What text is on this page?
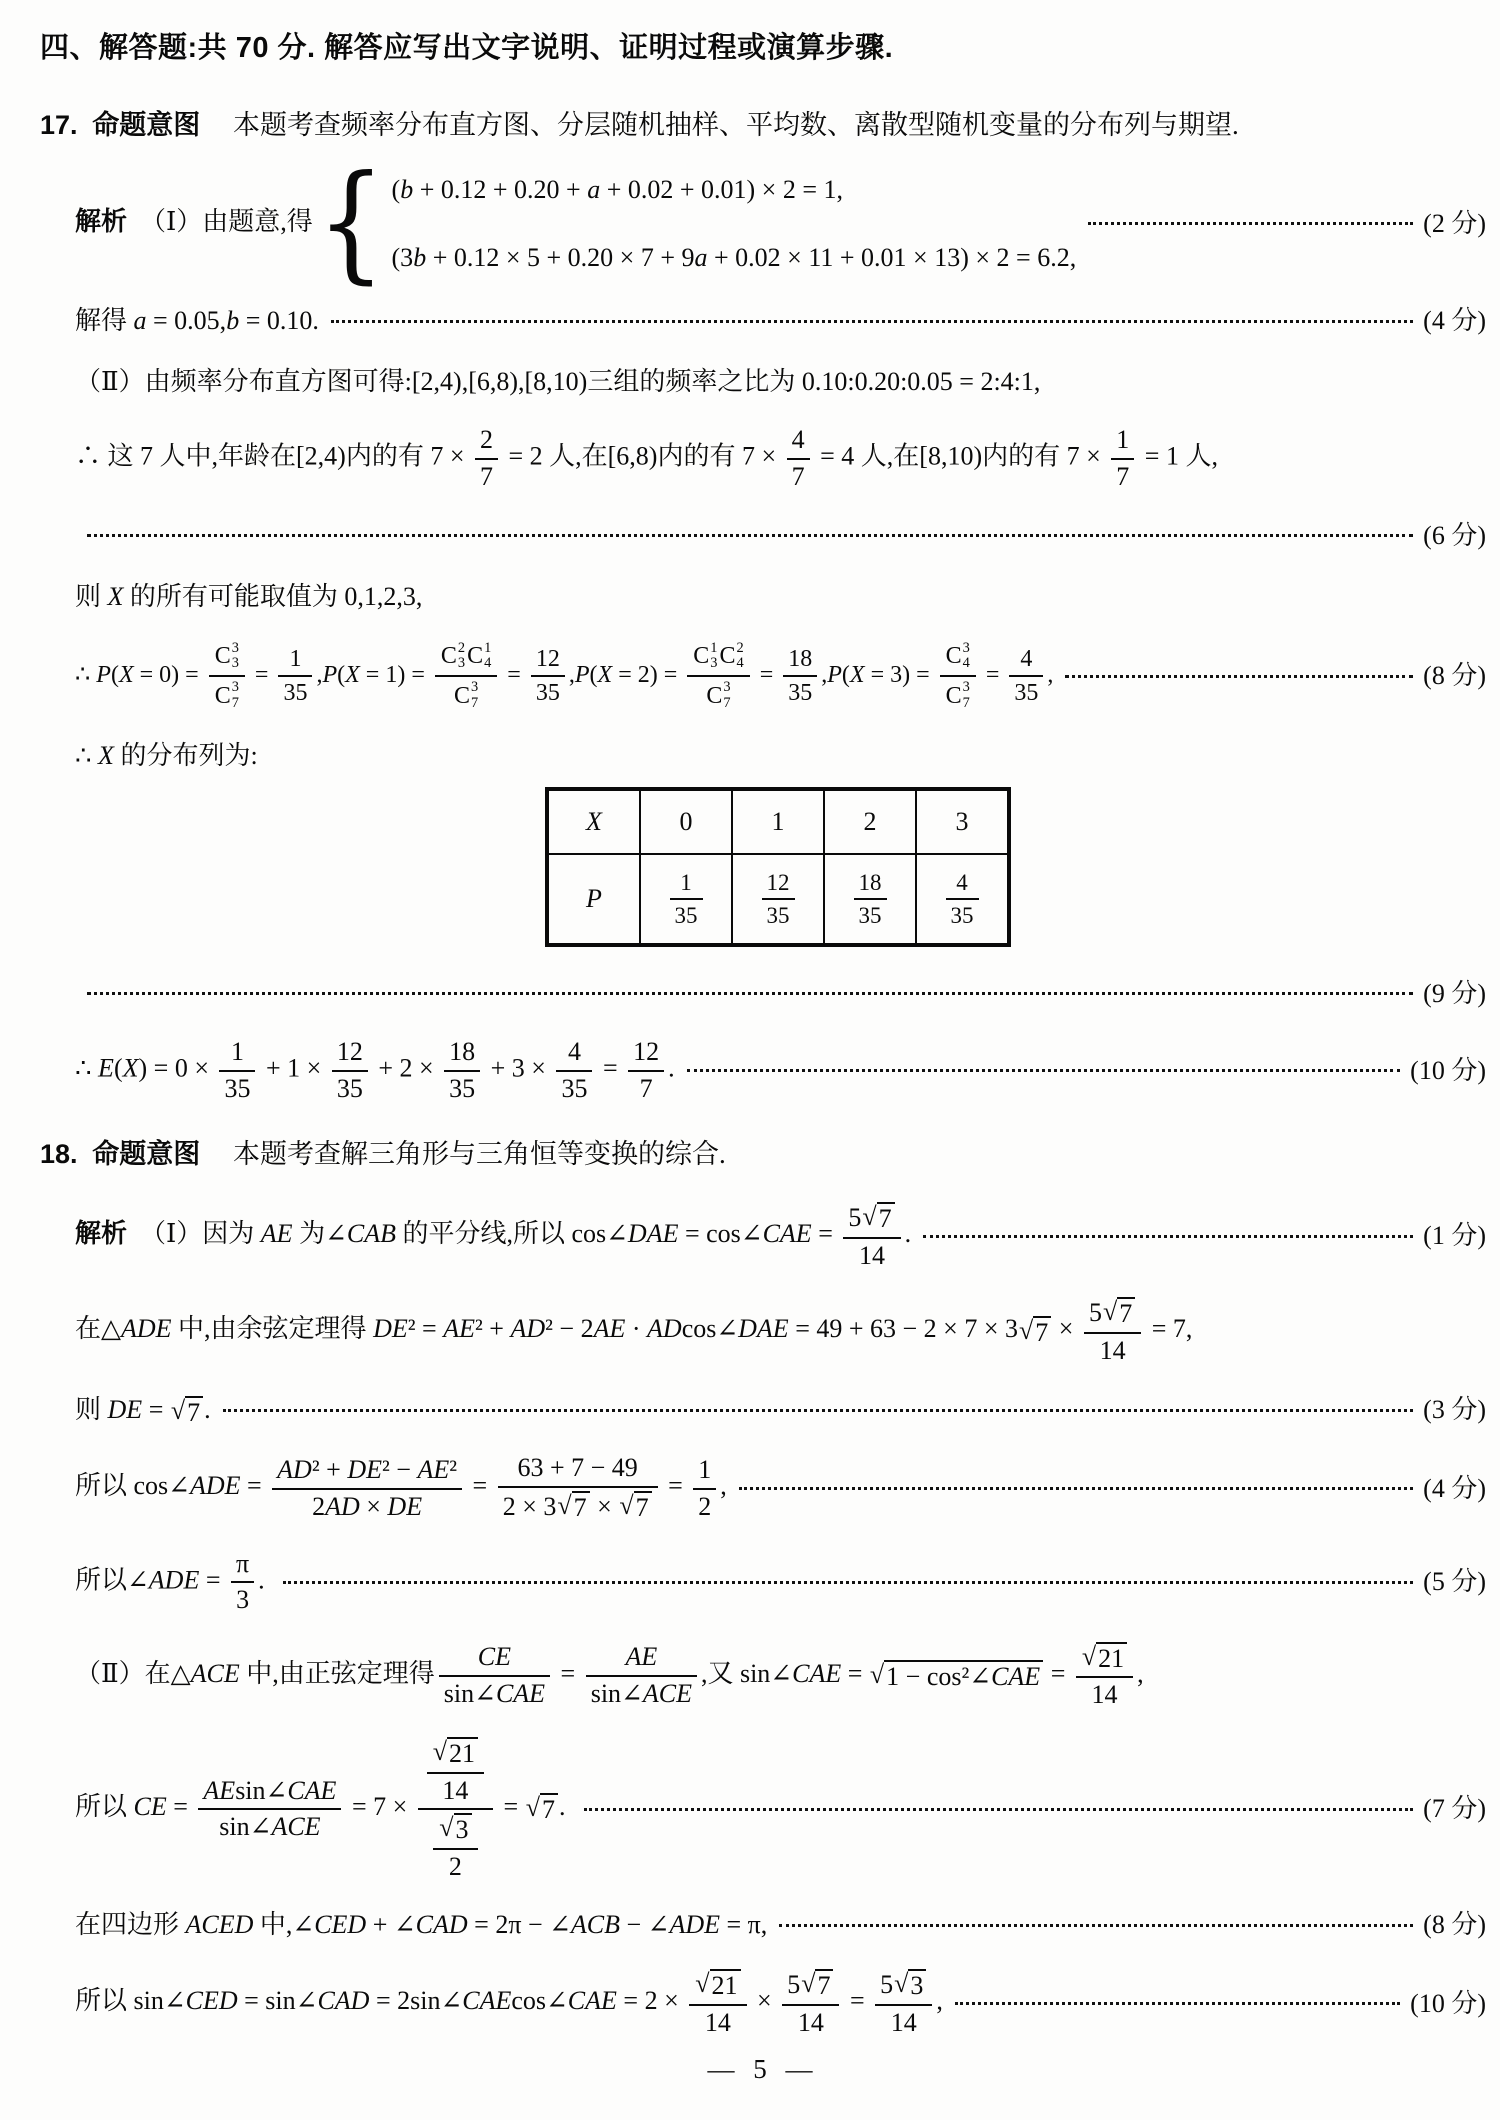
四、解答题:共 70 分. 解答应写出文字说明、证明过程或演算步骤.
17. 命题意图 本题考查频率分布直方图、分层随机抽样、平均数、离散型随机变量的分布列与期望.
解析　（Ⅰ）由题意,得 { (b + 0.12 + 0.20 + a + 0.02 + 0.01) × 2 = 1,
(3b + 0.12 × 5 + 0.20 × 7 + 9a + 0.02 × 11 + 0.01 × 13) × 2 = 6.2,
(2 分)
解得 a = 0.05,b = 0.10.	(4 分)
（Ⅱ）由频率分布直方图可得:[2,4),[6,8),[8,10)三组的频率之比为 0.10:0.20:0.05 = 2:4:1,
∴ 这 7 人中,年龄在[2,4)内的有 $7 \times \frac{2}{7} = 2$ 人,在[6,8)内的有 $7 \times \frac{4}{7} = 4$ 人,在[8,10)内的有 $7 \times \frac{1}{7} = 1$ 人,
(6 分)
则 X 的所有可能取值为 0,1,2,3,
∴ P(X = 0) = C 3
3
C 3
$7 = \frac{1}{35} ,P(X = 1) = C$ 2
3 C 1
4
C 3
$7 = \frac{12}{35} ,P(X = 2) = C$ 1
3 C 2
4
C 3
$7 = \frac{18}{35} ,P(X = 3) = C$ 3
4
C 3
$7 = \frac{4}{35}$ ,	(8 分)
∴ X 的分布列为:
X	0	1	2	3
P	$\frac{1}{35}$	$\frac{12}{35}$	$\frac{18}{35}$	$\frac{4}{35}$
(9 分)
∴ $E(X) = 0 \times \frac{1}{35} + 1 \times \frac{12}{35} + 2 \times \frac{18}{35} + 3 \times \frac{4}{35} = \frac{12}{7}$ .	(10 分)
18. 命题意图 本题考查解三角形与三角恒等变换的综合.
解析　（Ⅰ）因为 AE 为∠CAB 的平分线,所以 cos∠DAE = cos∠CAE = $\frac{5 √ 7}{14}$ .	(1 分)
在△ADE 中,由余弦定理得 DE² = AE² + AD² − 2AE · ADcos∠DAE = 49 + 63 − 2 × 7 × 3 √ $7 \times \frac{5 √ 7}{14} = 7$,
则 DE = √ 7 .	(3 分)
所以 cos∠ADE = $\frac{\text{AD ² + DE ² − AE ²}}{2 AD \times DE} = \frac{63 + 7 - 49}{2 \times 3 √ 7 \times √ 7} = \frac{1}{2}$ ,	(4 分)
所以∠ADE = $\frac{\pi}{3}$ .	(5 分)
（Ⅱ）在△ACE 中,由正弦定理得 $\frac{CE}{\text{sin∠ CAE}} = \frac{AE}{\text{sin∠ ACE}}$ ,又 sin∠CAE = √ 1 − cos²∠CAE = $\frac{√ 21}{14}$ ,
所以 CE = $\frac{\text{AE sin∠ CAE}}{\text{sin∠ ACE}} = 7 \times \frac{\frac{√ 21}{14}}{\frac{√ 3}{2}}$ = √ 7 .	(7 分)
在四边形 ACED 中,∠CED + ∠CAD = 2π − ∠ACB − ∠ADE = π,	(8 分)
所以 sin∠CED = sin∠CAD = 2sin∠CAEcos∠CAE = $2 \times \frac{√ 21}{14} \times \frac{5 √ 7}{14} = \frac{5 √ 3}{14}$ ,	(10 分)
— 5 —
